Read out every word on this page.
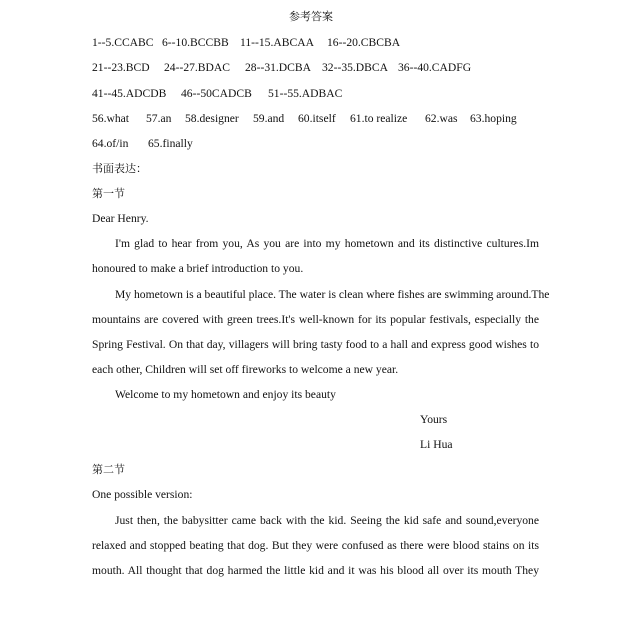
参考答案
1--5.CCABC 6--10.BCCBB 11--15.ABCAA 16--20.CBCBA
21--23.BCD 24--27.BDAC 28--31.DCBA 32--35.DBCA 36--40.CADFG
41--45.ADCDB 46--50CADCB 51--55.ADBAC
56.what 57.an 58.designer 59.and 60.itself 61.to realize 62.was 63.hoping
64.of/in 65.finally
书面表达：
第一节
Dear Henry.
I'm glad to hear from you, As you are into my hometown and its distinctive cultures.Im
honoured to make a brief introduction to you.
My hometown is a beautiful place. The water is clean where fishes are swimming around.The
mountains are covered with green trees.It's well-known for its popular festivals, especially the
Spring Festival. On that day, villagers will bring tasty food to a hall and express good wishes to
each other, Children will set off fireworks to welcome a new year.
Welcome to my hometown and enjoy its beauty
Yours
Li Hua
第二节
One possible version:
Just then, the babysitter came back with the kid. Seeing the kid safe and sound,everyone
relaxed and stopped beating that dog. But they were confused as there were blood stains on its
mouth. All thought that dog harmed the little kid and it was his blood all over its mouth They
